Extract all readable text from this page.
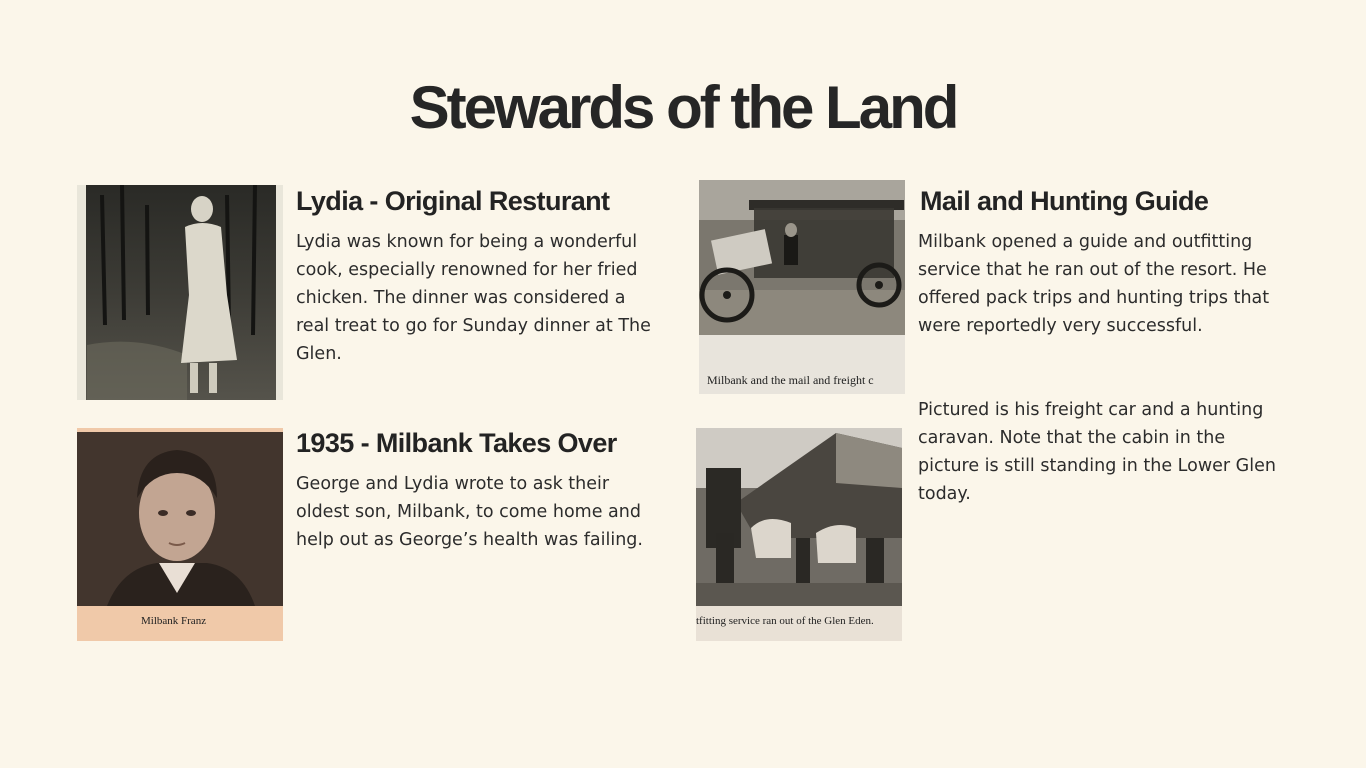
Stewards of the Land
Lydia - Original Resturant

Lydia was known for being a wonderful cook, especially renowned for her fried chicken. The dinner was considered a real treat to go for Sunday dinner at The Glen.

Milbank Franz
1935 - Milbank Takes Over

George and Lydia wrote to ask their oldest son, Milbank, to come home and help out as George’s health was failing.

Milbank and the mail and freight c
tfitting service ran out of the Glen Eden.
Mail and Hunting Guide

Milbank opened a guide and outfitting service that he ran out of the resort. He offered pack trips and hunting trips that were reportedly very successful.

Pictured is his freight car and a hunting caravan. Note that the cabin in the picture is still standing in the Lower Glen today.
